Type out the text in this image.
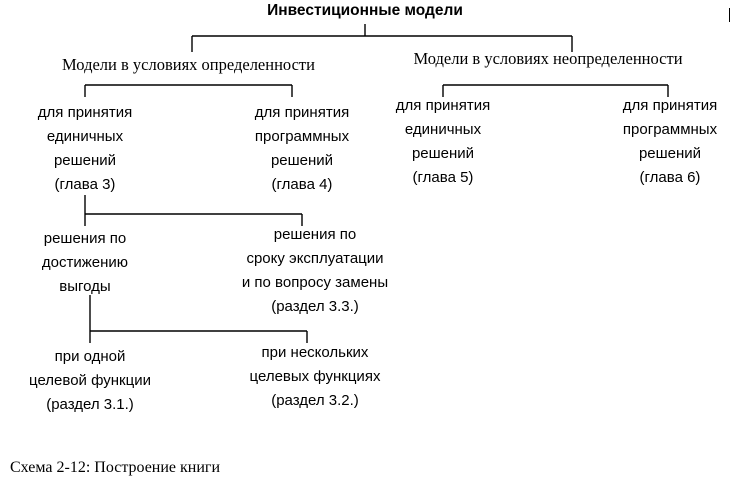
Инвестиционные модели
Модели в условиях определенности	Модели в условиях неопределенности
для принятия
единичных
решений
(глава 3)
для принятия
программных
решений
(глава 4)
для принятия
единичных
решений
(глава 5)
для принятия
программных
решений
(глава 6)
решения по
достижению
выгоды
решения по
сроку эксплуатации
и по вопросу замены
(раздел 3.3.)
при одной
целевой функции
(раздел 3.1.)
при нескольких
целевых функциях
(раздел 3.2.)
Схема 2-12: Построение книги
